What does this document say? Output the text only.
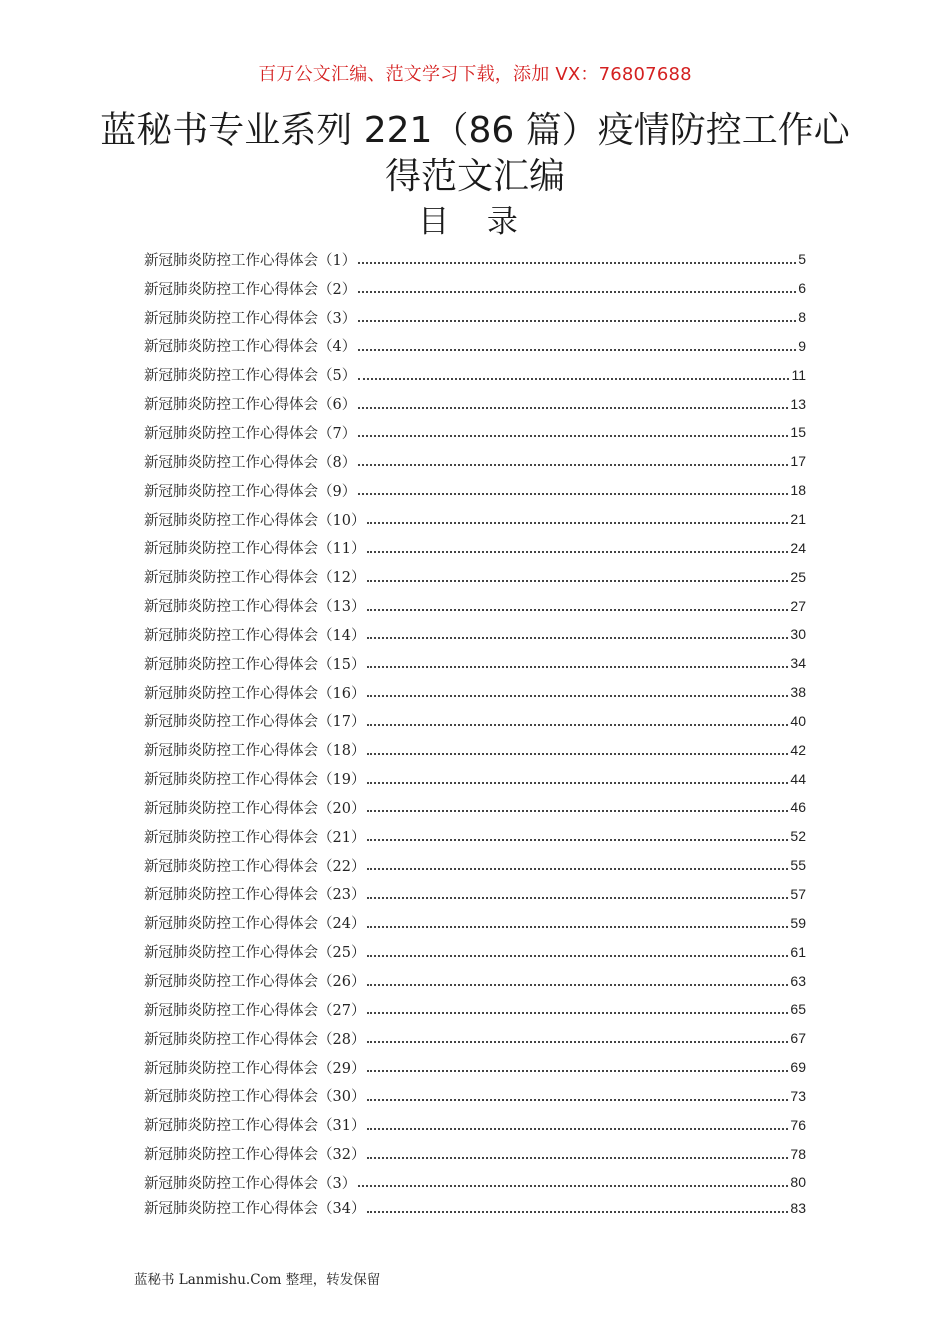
百万公文汇编、范文学习下载，添加 VX：76807688
蓝秘书专业系列 221（86 篇）疫情防控工作心得范文汇编
目 录
新冠肺炎防控工作心得体会（1）	5
新冠肺炎防控工作心得体会（2）	6
新冠肺炎防控工作心得体会（3）	8
新冠肺炎防控工作心得体会（4）	9
新冠肺炎防控工作心得体会（5）	11
新冠肺炎防控工作心得体会（6）	13
新冠肺炎防控工作心得体会（7）	15
新冠肺炎防控工作心得体会（8）	17
新冠肺炎防控工作心得体会（9）	18
新冠肺炎防控工作心得体会（10）	21
新冠肺炎防控工作心得体会（11）	24
新冠肺炎防控工作心得体会（12）	25
新冠肺炎防控工作心得体会（13）	27
新冠肺炎防控工作心得体会（14）	30
新冠肺炎防控工作心得体会（15）	34
新冠肺炎防控工作心得体会（16）	38
新冠肺炎防控工作心得体会（17）	40
新冠肺炎防控工作心得体会（18）	42
新冠肺炎防控工作心得体会（19）	44
新冠肺炎防控工作心得体会（20）	46
新冠肺炎防控工作心得体会（21）	52
新冠肺炎防控工作心得体会（22）	55
新冠肺炎防控工作心得体会（23）	57
新冠肺炎防控工作心得体会（24）	59
新冠肺炎防控工作心得体会（25）	61
新冠肺炎防控工作心得体会（26）	63
新冠肺炎防控工作心得体会（27）	65
新冠肺炎防控工作心得体会（28）	67
新冠肺炎防控工作心得体会（29）	69
新冠肺炎防控工作心得体会（30）	73
新冠肺炎防控工作心得体会（31）	76
新冠肺炎防控工作心得体会（32）	78
新冠肺炎防控工作心得体会（3）	80
新冠肺炎防控工作心得体会（34）	83
蓝秘书 Lanmishu.Com 整理，转发保留
